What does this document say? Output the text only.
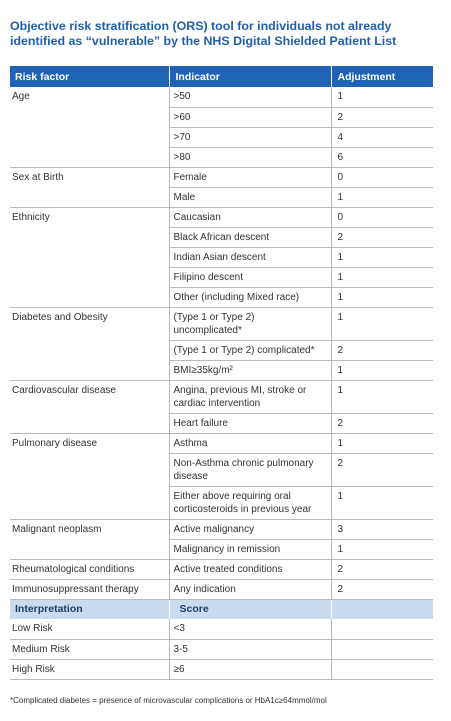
Objective risk stratification (ORS) tool for individuals not already identified as “vulnerable” by the NHS Digital Shielded Patient List
Risk factor	Indicator	Adjustment
Age	>50	1
	>60	2
	>70	4
	>80	6
Sex at Birth	Female	0
	Male	1
Ethnicity	Caucasian	0
	Black African descent	2
	Indian Asian descent	1
	Filipino descent	1
	Other (including Mixed race)	1
Diabetes and Obesity	(Type 1 or Type 2) uncomplicated*	1
	(Type 1 or Type 2) complicated*	2
	BMI≥35kg/m²	1
Cardiovascular disease	Angina, previous MI, stroke or cardiac intervention	1
	Heart failure	2
Pulmonary disease	Asthma	1
	Non-Asthma chronic pulmonary disease	2
	Either above requiring oral corticosteroids in previous year	1
Malignant neoplasm	Active malignancy	3
	Malignancy in remission	1
Rheumatological conditions	Active treated conditions	2
Immunosuppressant therapy	Any indication	2
Interpretation	Score	
Low Risk	<3	
Medium Risk	3-5	
High Risk	≥6	
*Complicated diabetes = presence of microvascular complications or HbA1c≥64mmol/mol
